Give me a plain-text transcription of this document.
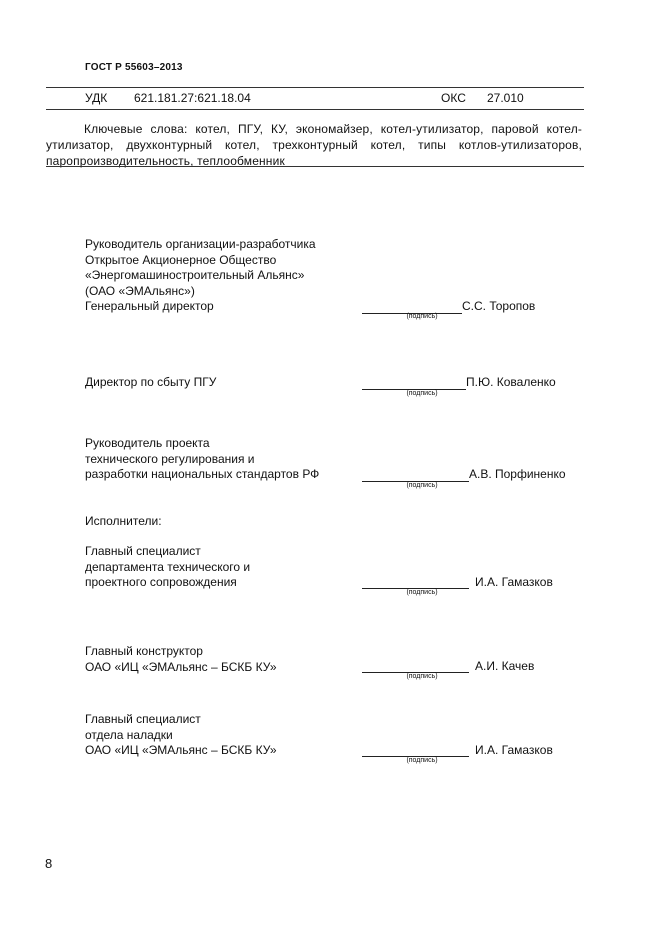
ГОСТ Р 55603–2013
УДК 621.181.27:621.18.04	ОКС 27.010
Ключевые слова: котел, ПГУ, КУ, экономайзер, котел-утилизатор, паровой котел-утилизатор, двухконтурный котел, трехконтурный котел, типы котлов-утилизаторов, паропроизводительность, теплообменник
Руководитель организации-разработчика
Открытое Акционерное Общество
«Энергомашиностроительный Альянс»
(ОАО «ЭМАльянс»)
Генеральный директор
(подпись)
С.С. Торопов
Директор по сбыту ПГУ
(подпись)
П.Ю. Коваленко
Руководитель проекта
технического регулирования и
разработки национальных стандартов РФ
(подпись)
А.В. Порфиненко
Исполнители:
Главный специалист
департамента технического и
проектного сопровождения
(подпись)
И.А. Гамазков
Главный конструктор
ОАО «ИЦ «ЭМАльянс – БСКБ КУ»
(подпись)
А.И. Качев
Главный специалист
отдела наладки
ОАО «ИЦ «ЭМАльянс – БСКБ КУ»
(подпись)
И.А. Гамазков
8
